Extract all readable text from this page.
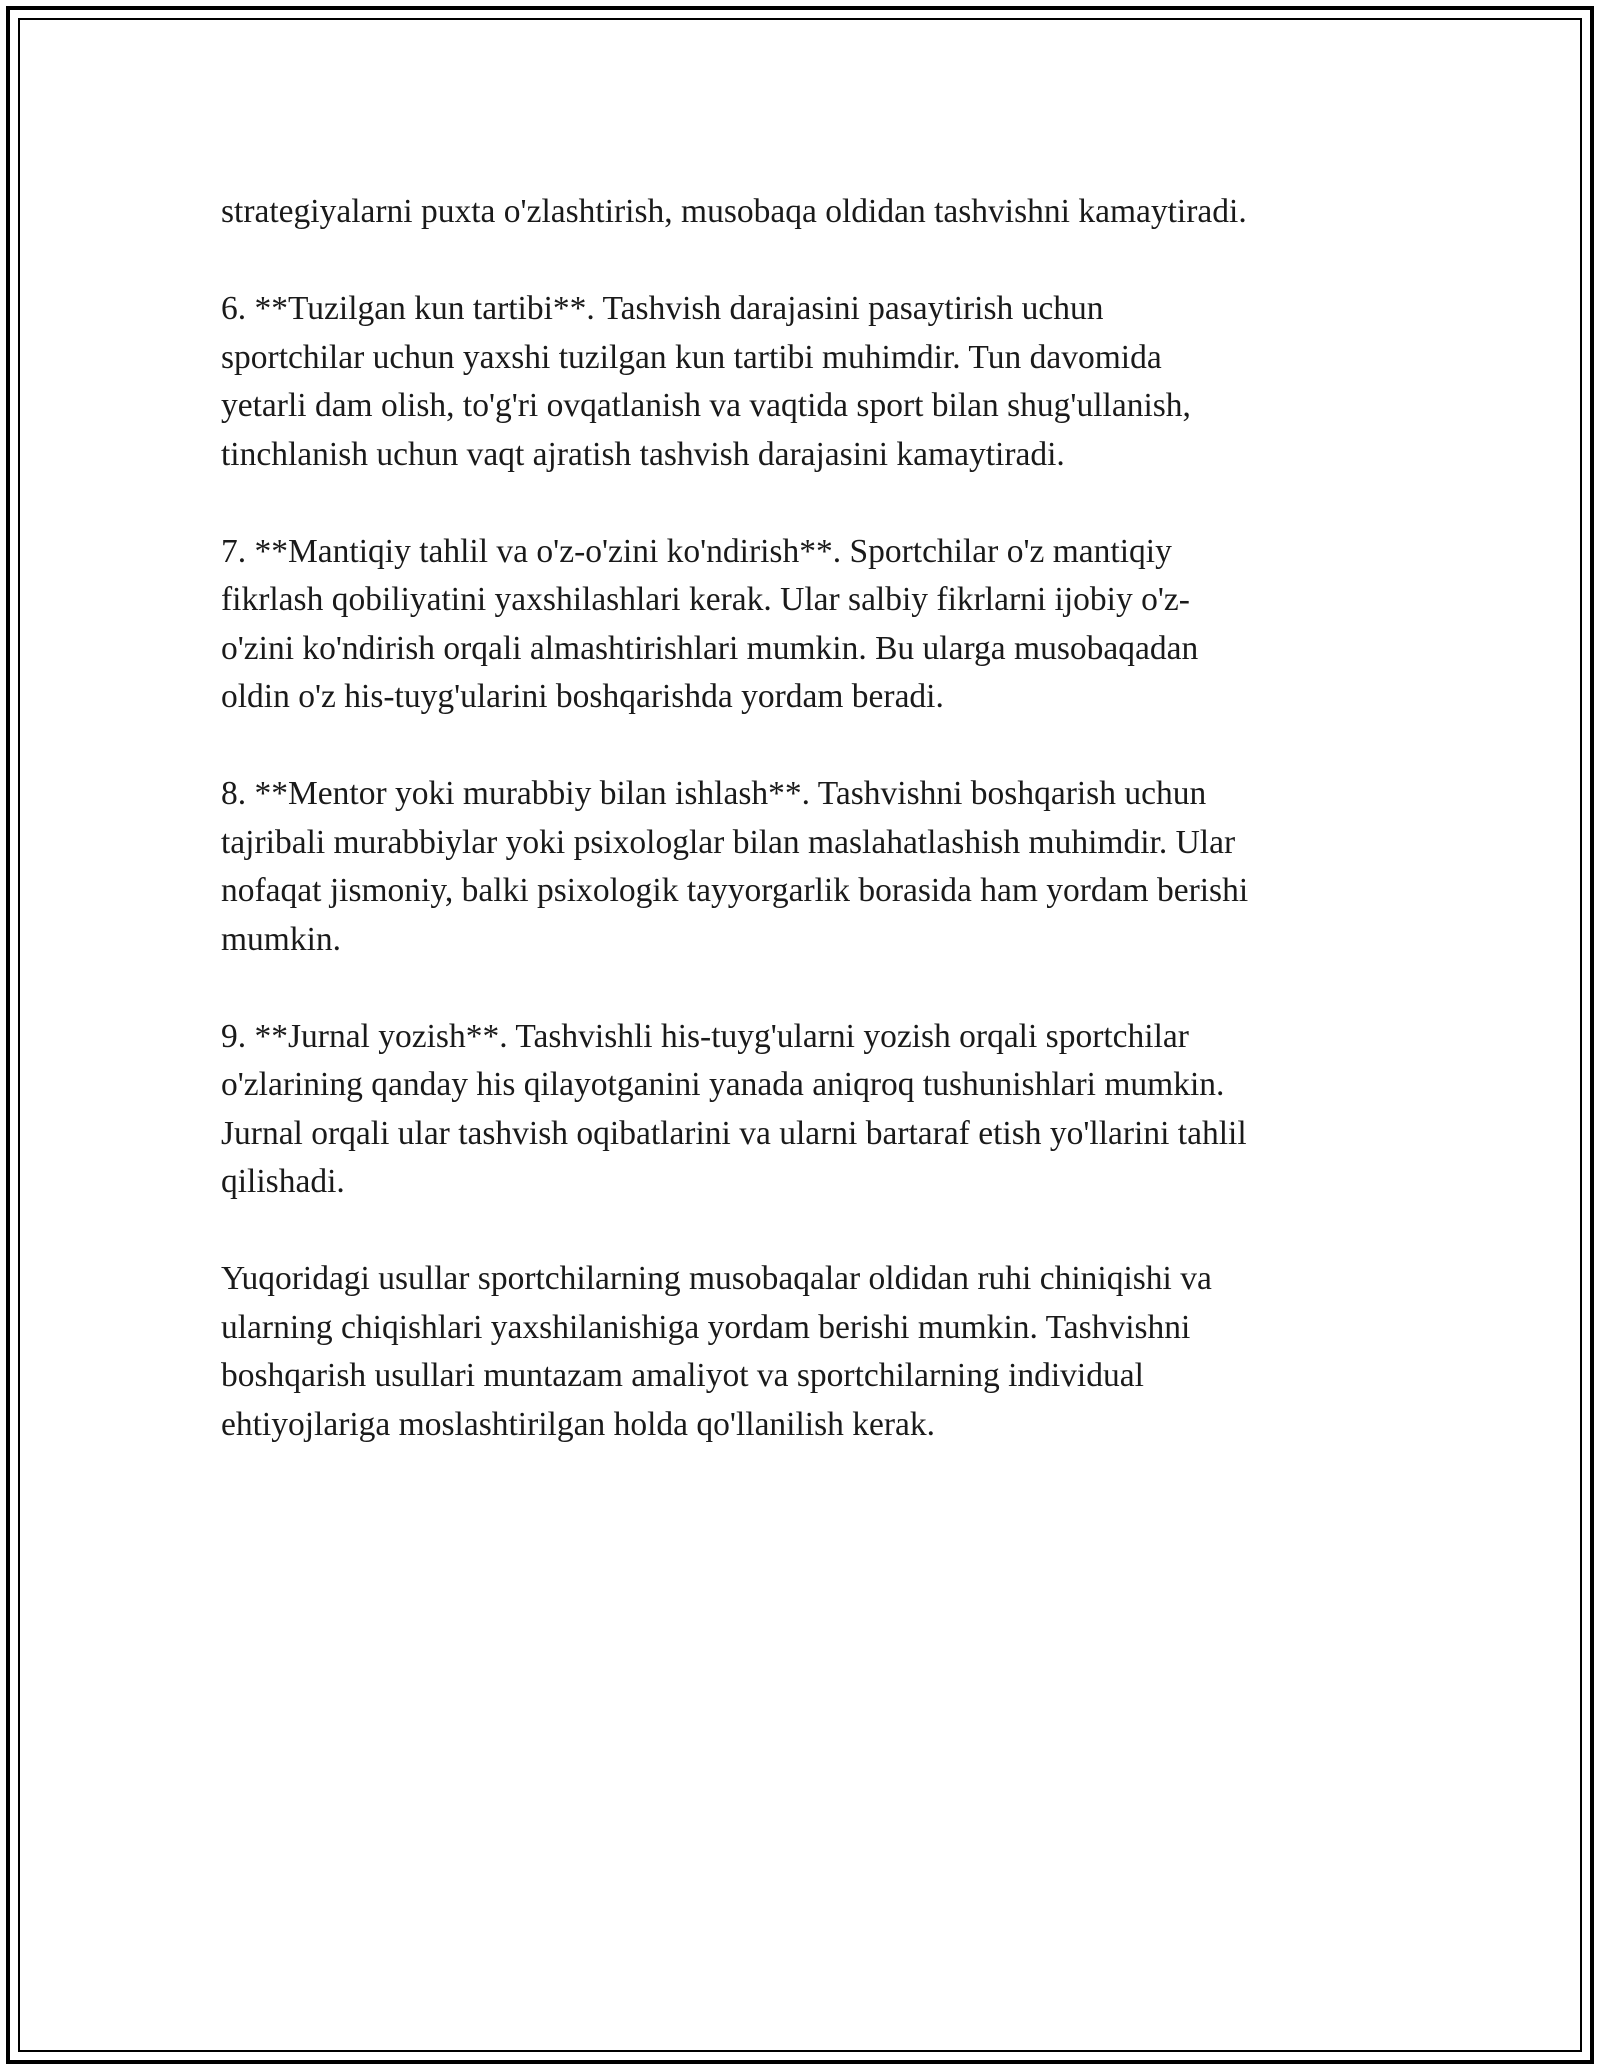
strategiyalarni puxta o'zlashtirish, musobaqa oldidan tashvishni kamaytiradi.

6. **Tuzilgan kun tartibi**. Tashvish darajasini pasaytirish uchun
sportchilar uchun yaxshi tuzilgan kun tartibi muhimdir. Tun davomida
yetarli dam olish, to'g'ri ovqatlanish va vaqtida sport bilan shug'ullanish,
tinchlanish uchun vaqt ajratish tashvish darajasini kamaytiradi.

7. **Mantiqiy tahlil va o'z-o'zini ko'ndirish**. Sportchilar o'z mantiqiy
fikrlash qobiliyatini yaxshilashlari kerak. Ular salbiy fikrlarni ijobiy o'z-
o'zini ko'ndirish orqali almashtirishlari mumkin. Bu ularga musobaqadan
oldin o'z his-tuyg'ularini boshqarishda yordam beradi.

8. **Mentor yoki murabbiy bilan ishlash**. Tashvishni boshqarish uchun
tajribali murabbiylar yoki psixologlar bilan maslahatlashish muhimdir. Ular
nofaqat jismoniy, balki psixologik tayyorgarlik borasida ham yordam berishi
mumkin.

9. **Jurnal yozish**. Tashvishli his-tuyg'ularni yozish orqali sportchilar
o'zlarining qanday his qilayotganini yanada aniqroq tushunishlari mumkin.
Jurnal orqali ular tashvish oqibatlarini va ularni bartaraf etish yo'llarini tahlil
qilishadi.

Yuqoridagi usullar sportchilarning musobaqalar oldidan ruhi chiniqishi va
ularning chiqishlari yaxshilanishiga yordam berishi mumkin. Tashvishni
boshqarish usullari muntazam amaliyot va sportchilarning individual
ehtiyojlariga moslashtirilgan holda qo'llanilish kerak.
